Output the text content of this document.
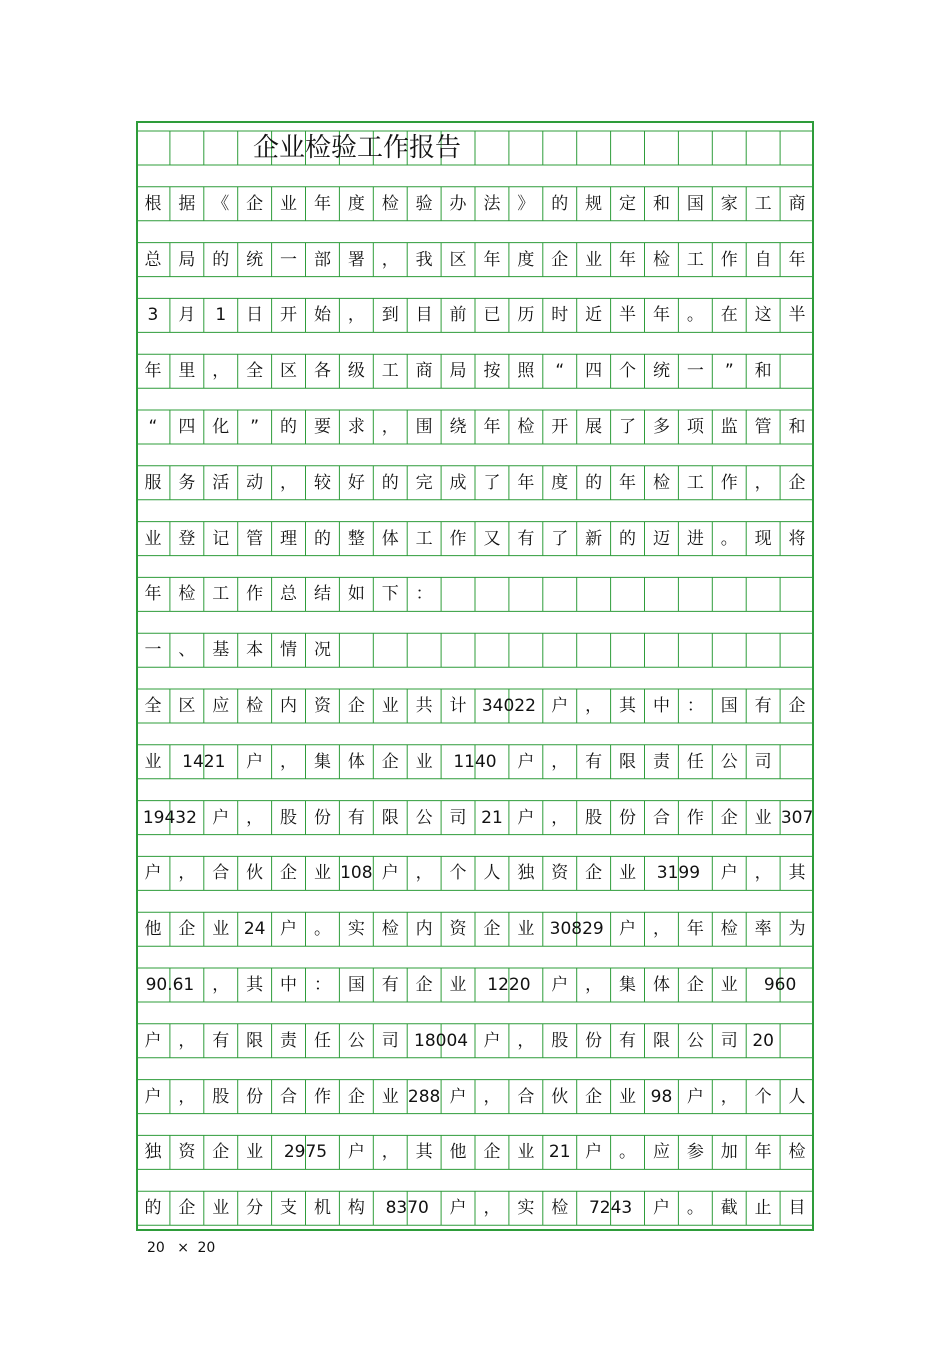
企业检验工作报告
根 据 《 企 业 年 度 检 验 办 法 》 的 规 定 和 国 家 工 商
总 局 的 统 一 部 署 ， 我 区 年 度 企 业 年 检 工 作 自 年
3	月	1	日 开 始 ， 到 目 前 已 历 时 近 半 年 。 在 这 半
年 里 ， 全 区 各 级 工 商 局 按 照	“	四 个 统 一	”	和
“	四 化	”	的 要 求 ， 围 绕 年 检 开 展 了 多 项 监 管 和
服 务 活 动 ， 较 好 的 完 成 了 年 度 的 年 检 工 作 ， 企
业 登 记 管 理 的 整 体 工 作 又 有 了 新 的 迈 进 。 现 将
年 检 工 作 总 结 如 下 ：
一 、 基 本 情 况
全 区 应 检 内 资 企 业 共 计 34022 户 ， 其 中 ： 国 有 企
业	1421	户 ， 集 体 企 业	1140	户 ， 有 限 责 任 公 司
19432 户 ， 股 份 有 限 公 司 21 户 ， 股 份 合 作 企 业 307
户 ， 合 伙 企 业 108 户 ， 个 人 独 资 企 业	3199	户 ， 其
他 企 业 24 户 。 实 检 内 资 企 业 30829 户 ， 年 检 率 为
90.61	， 其 中 ： 国 有 企 业	1220	户 ， 集 体 企 业	960
户 ， 有 限 责 任 公 司 18004 户 ， 股 份 有 限 公 司 20
户 ， 股 份 合 作 企 业 288 户 ， 合 伙 企 业 98 户 ， 个 人
独 资 企 业	2975	户 ， 其 他 企 业 21 户 。 应 参 加 年 检
的 企 业 分 支 机 构	8370	户 ， 实 检	7243	户 。 截 止 目
20 × 20
